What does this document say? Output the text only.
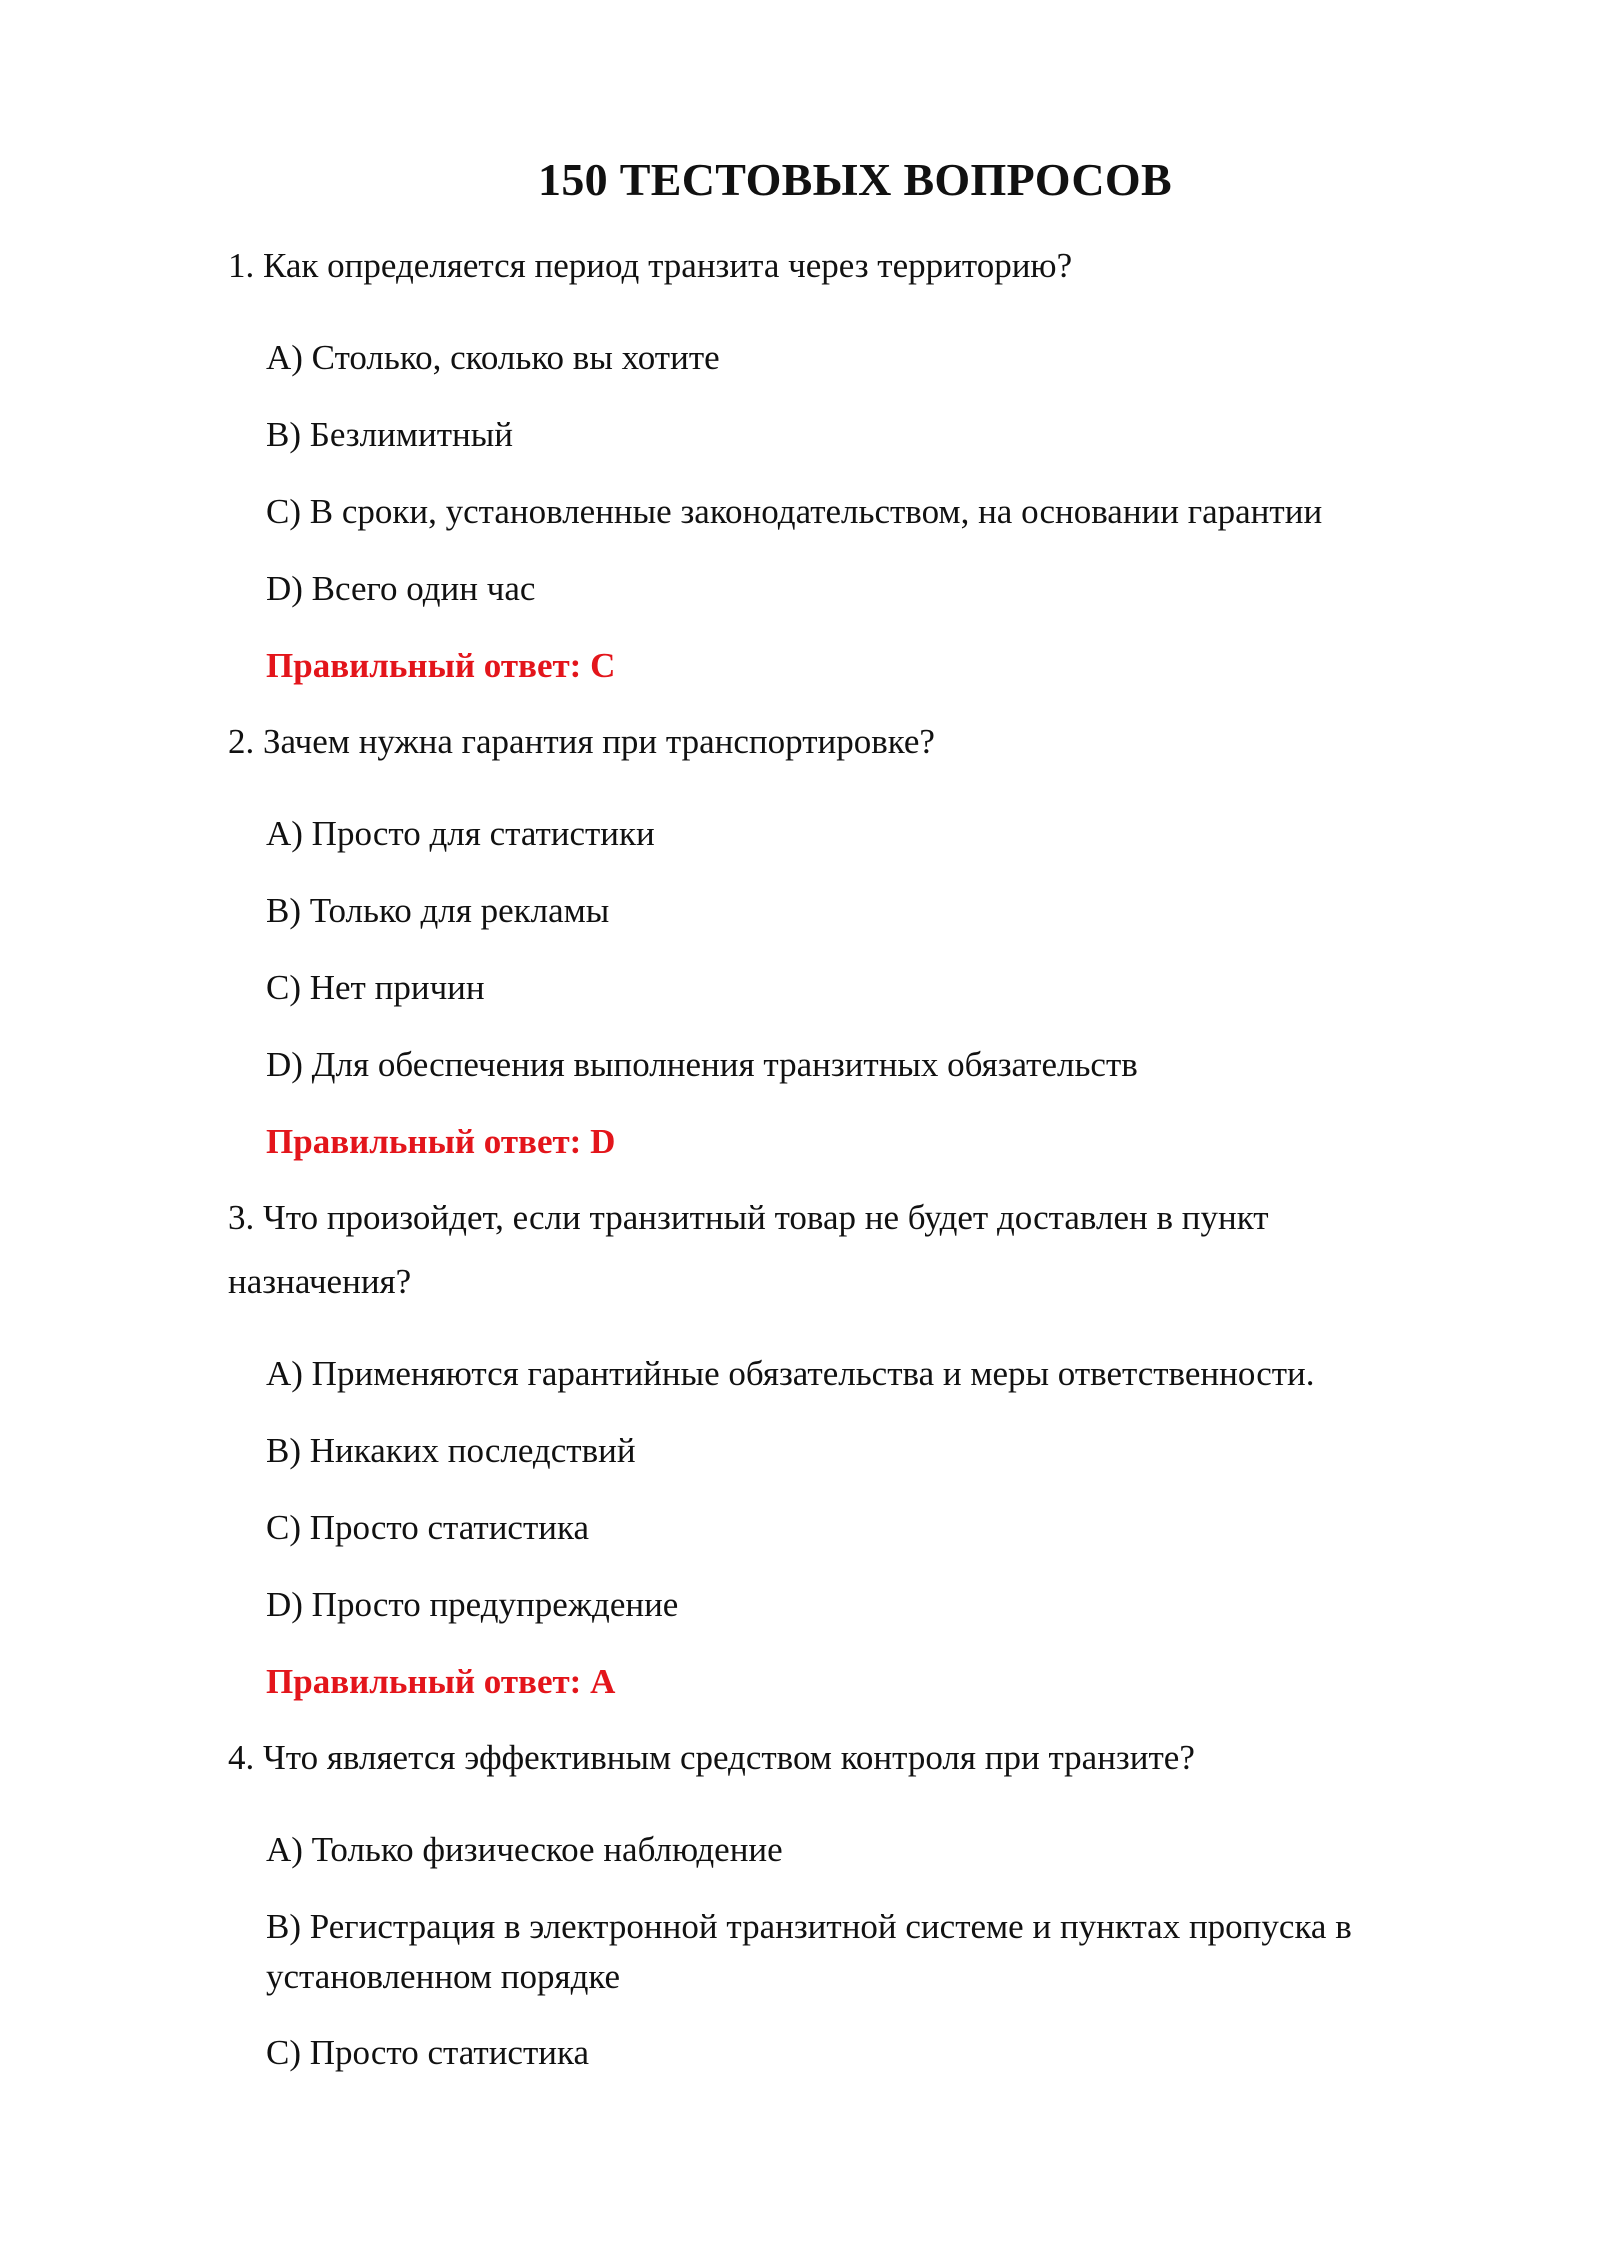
150 ТЕСТОВЫХ ВОПРОСОВ
1. Как определяется период транзита через территорию?
A) Столько, сколько вы хотите
B) Безлимитный
C) В сроки, установленные законодательством, на основании гарантии
D) Всего один час
Правильный ответ: C
2. Зачем нужна гарантия при транспортировке?
A) Просто для статистики
B) Только для рекламы
C) Нет причин
D) Для обеспечения выполнения транзитных обязательств
Правильный ответ: D
3. Что произойдет, если транзитный товар не будет доставлен в пункт назначения?
A) Применяются гарантийные обязательства и меры ответственности.
B) Никаких последствий
C) Просто статистика
D) Просто предупреждение
Правильный ответ: A
4. Что является эффективным средством контроля при транзите?
A) Только физическое наблюдение
B) Регистрация в электронной транзитной системе и пунктах пропуска в установленном порядке
C) Просто статистика
